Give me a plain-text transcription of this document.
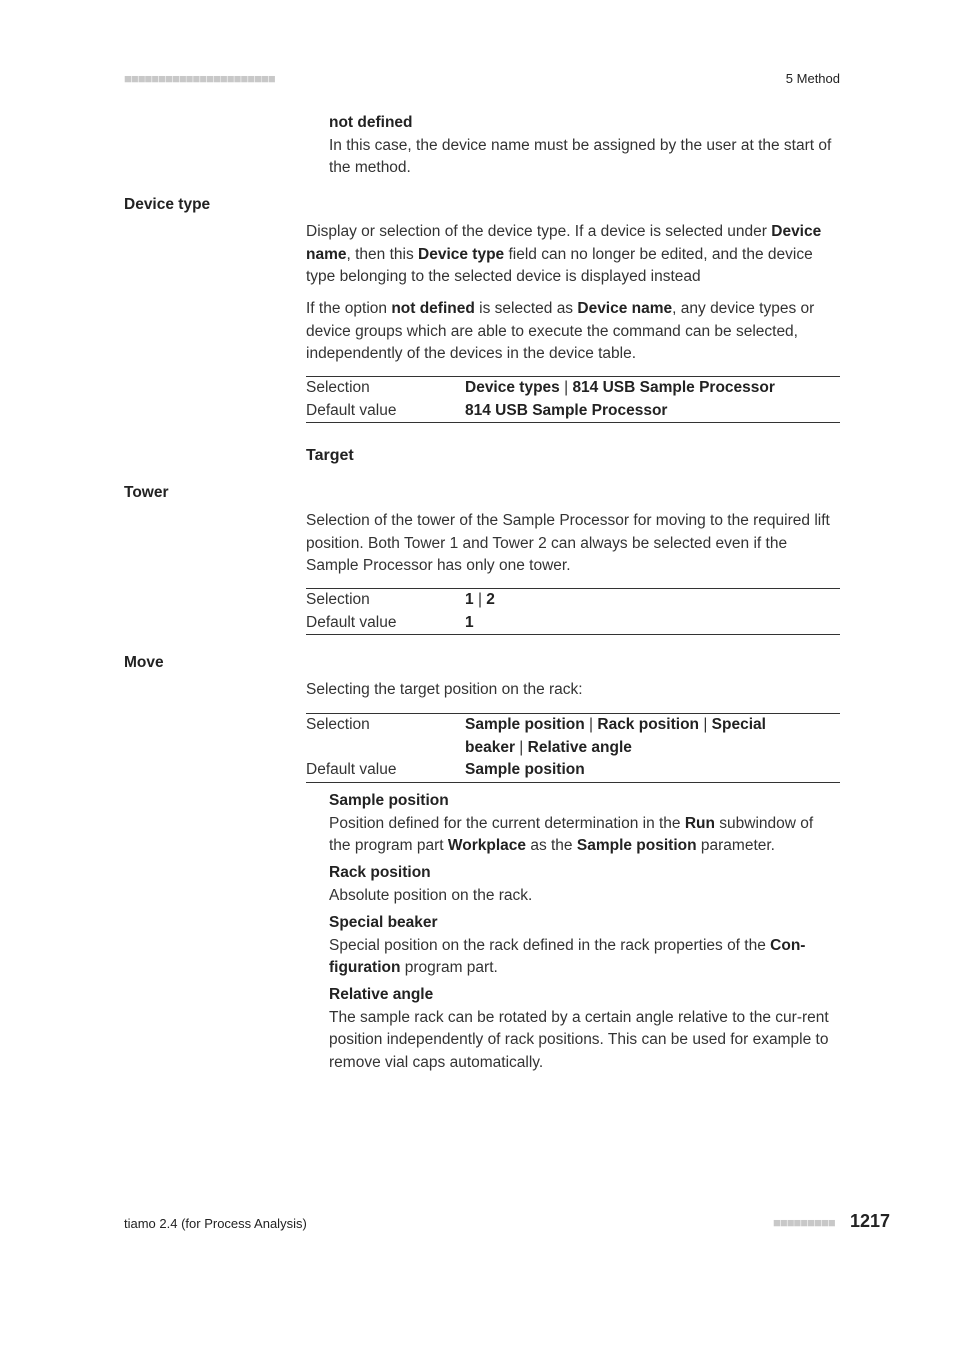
■■■■■■■■■■■■■■■■■■■■■■	5 Method
not defined
In this case, the device name must be assigned by the user at the start of the method.
Device type
Display or selection of the device type. If a device is selected under Device name, then this Device type field can no longer be edited, and the device type belonging to the selected device is displayed instead
If the option not defined is selected as Device name, any device types or device groups which are able to execute the command can be selected, independently of the devices in the device table.
Selection	Device types | 814 USB Sample Processor
Default value	814 USB Sample Processor
Target
Tower
Selection of the tower of the Sample Processor for moving to the required lift position. Both Tower 1 and Tower 2 can always be selected even if the Sample Processor has only one tower.
Selection	1 | 2
Default value	1
Move
Selecting the target position on the rack:
Selection	Sample position | Rack position | Special beaker | Relative angle
Default value	Sample position
Sample position
Position defined for the current determination in the Run subwindow of the program part Workplace as the Sample position parameter.
Rack position
Absolute position on the rack.
Special beaker
Special position on the rack defined in the rack properties of the Con-figuration program part.
Relative angle
The sample rack can be rotated by a certain angle relative to the cur-rent position independently of rack positions. This can be used for example to remove vial caps automatically.
tiamo 2.4 (for Process Analysis)	■■■■■■■■■ 1217
